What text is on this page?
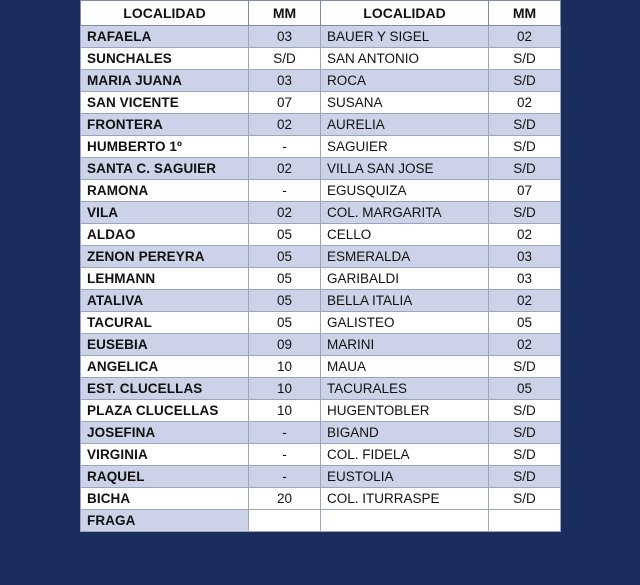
LOCALIDAD	MM	LOCALIDAD	MM
RAFAELA	03	BAUER Y SIGEL	02
SUNCHALES	S/D	SAN ANTONIO	S/D
MARIA JUANA	03	ROCA	S/D
SAN VICENTE	07	SUSANA	02
FRONTERA	02	AURELIA	S/D
HUMBERTO 1º	-	SAGUIER	S/D
SANTA C. SAGUIER	02	VILLA SAN JOSE	S/D
RAMONA	-	EGUSQUIZA	07
VILA	02	COL. MARGARITA	S/D
ALDAO	05	CELLO	02
ZENON PEREYRA	05	ESMERALDA	03
LEHMANN	05	GARIBALDI	03
ATALIVA	05	BELLA ITALIA	02
TACURAL	05	GALISTEO	05
EUSEBIA	09	MARINI	02
ANGELICA	10	MAUA	S/D
EST. CLUCELLAS	10	TACURALES	05
PLAZA CLUCELLAS	10	HUGENTOBLER	S/D
JOSEFINA	-	BIGAND	S/D
VIRGINIA	-	COL. FIDELA	S/D
RAQUEL	-	EUSTOLIA	S/D
BICHA	20	COL. ITURRASPE	S/D
FRAGA			
